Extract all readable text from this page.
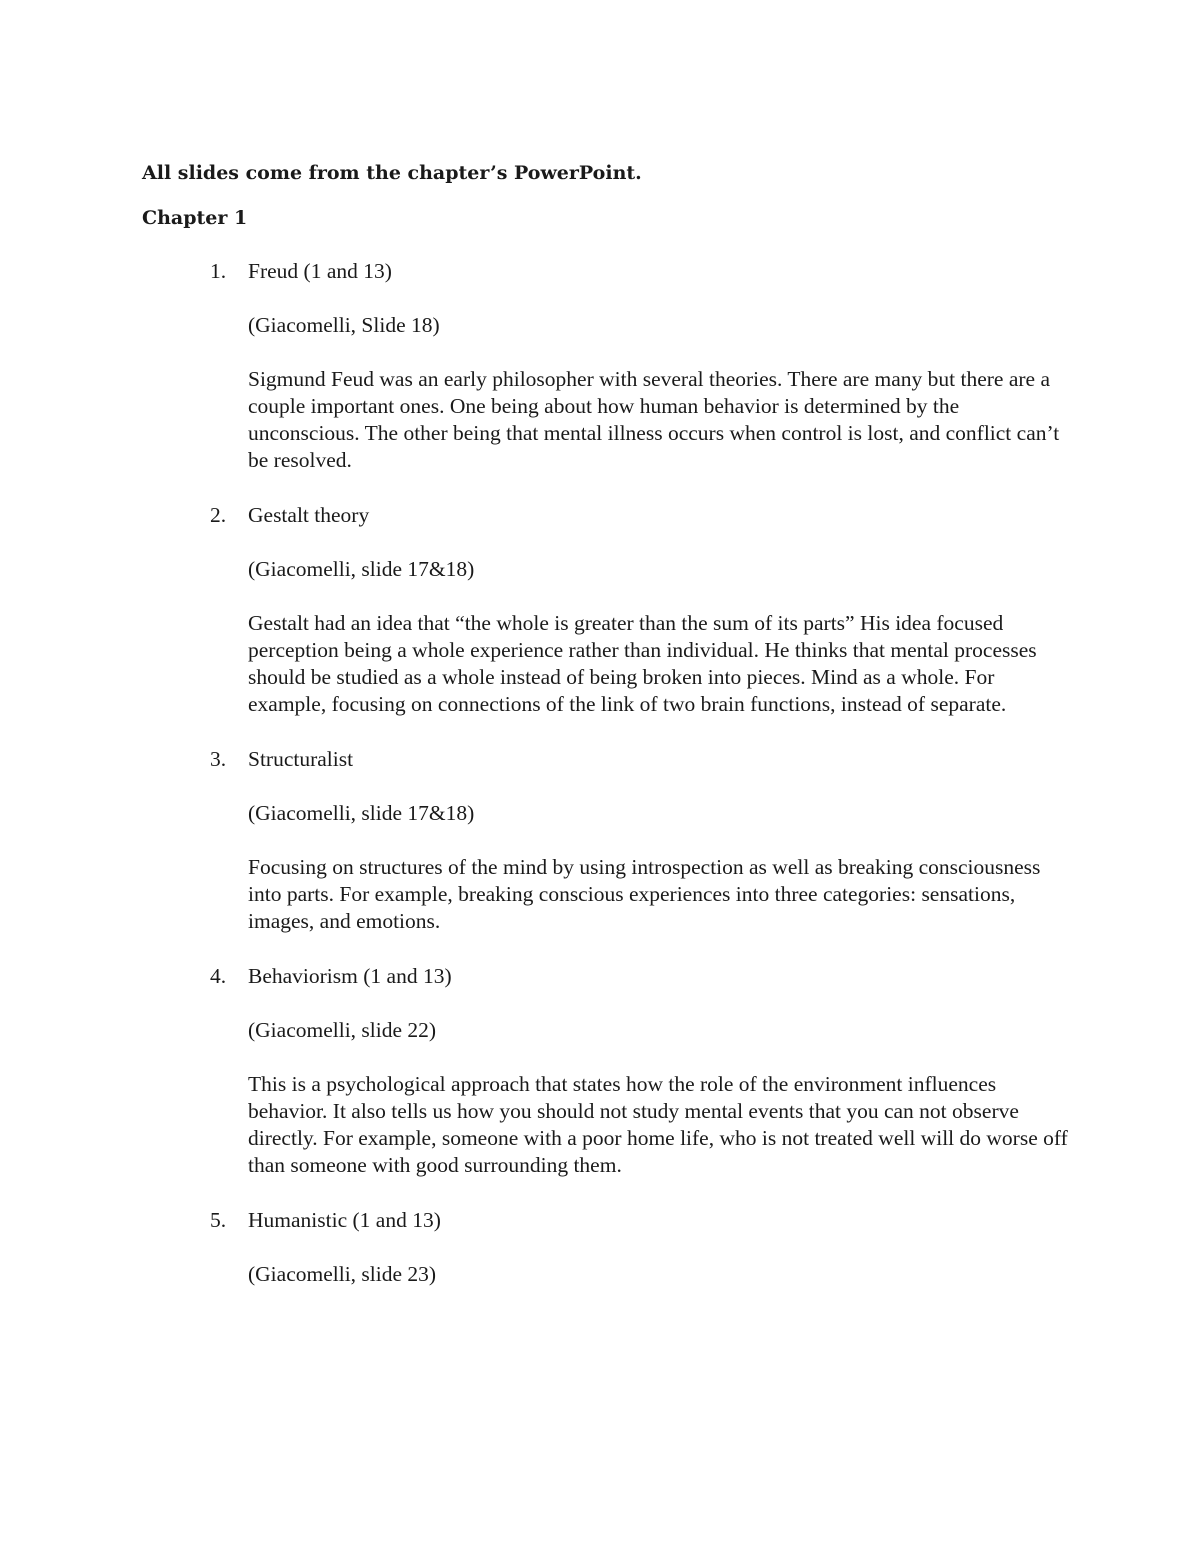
All slides come from the chapter’s PowerPoint.

Chapter 1

1.	Freud (1 and 13)

(Giacomelli, Slide 18)

Sigmund Feud was an early philosopher with several theories. There are many but there are a couple important ones. One being about how human behavior is determined by the unconscious. The other being that mental illness occurs when control is lost, and conflict can’t be resolved.

2.	Gestalt theory

(Giacomelli, slide 17&18)

Gestalt had an idea that “the whole is greater than the sum of its parts” His idea focused perception being a whole experience rather than individual. He thinks that mental processes should be studied as a whole instead of being broken into pieces. Mind as a whole. For example, focusing on connections of the link of two brain functions, instead of separate.

3.	Structuralist

(Giacomelli, slide 17&18)

Focusing on structures of the mind by using introspection as well as breaking consciousness into parts. For example, breaking conscious experiences into three categories: sensations, images, and emotions.

4.	Behaviorism (1 and 13)

(Giacomelli, slide 22)

This is a psychological approach that states how the role of the environment influences behavior. It also tells us how you should not study mental events that you can not observe directly. For example, someone with a poor home life, who is not treated well will do worse off than someone with good surrounding them.

5.	Humanistic (1 and 13)

(Giacomelli, slide 23)
